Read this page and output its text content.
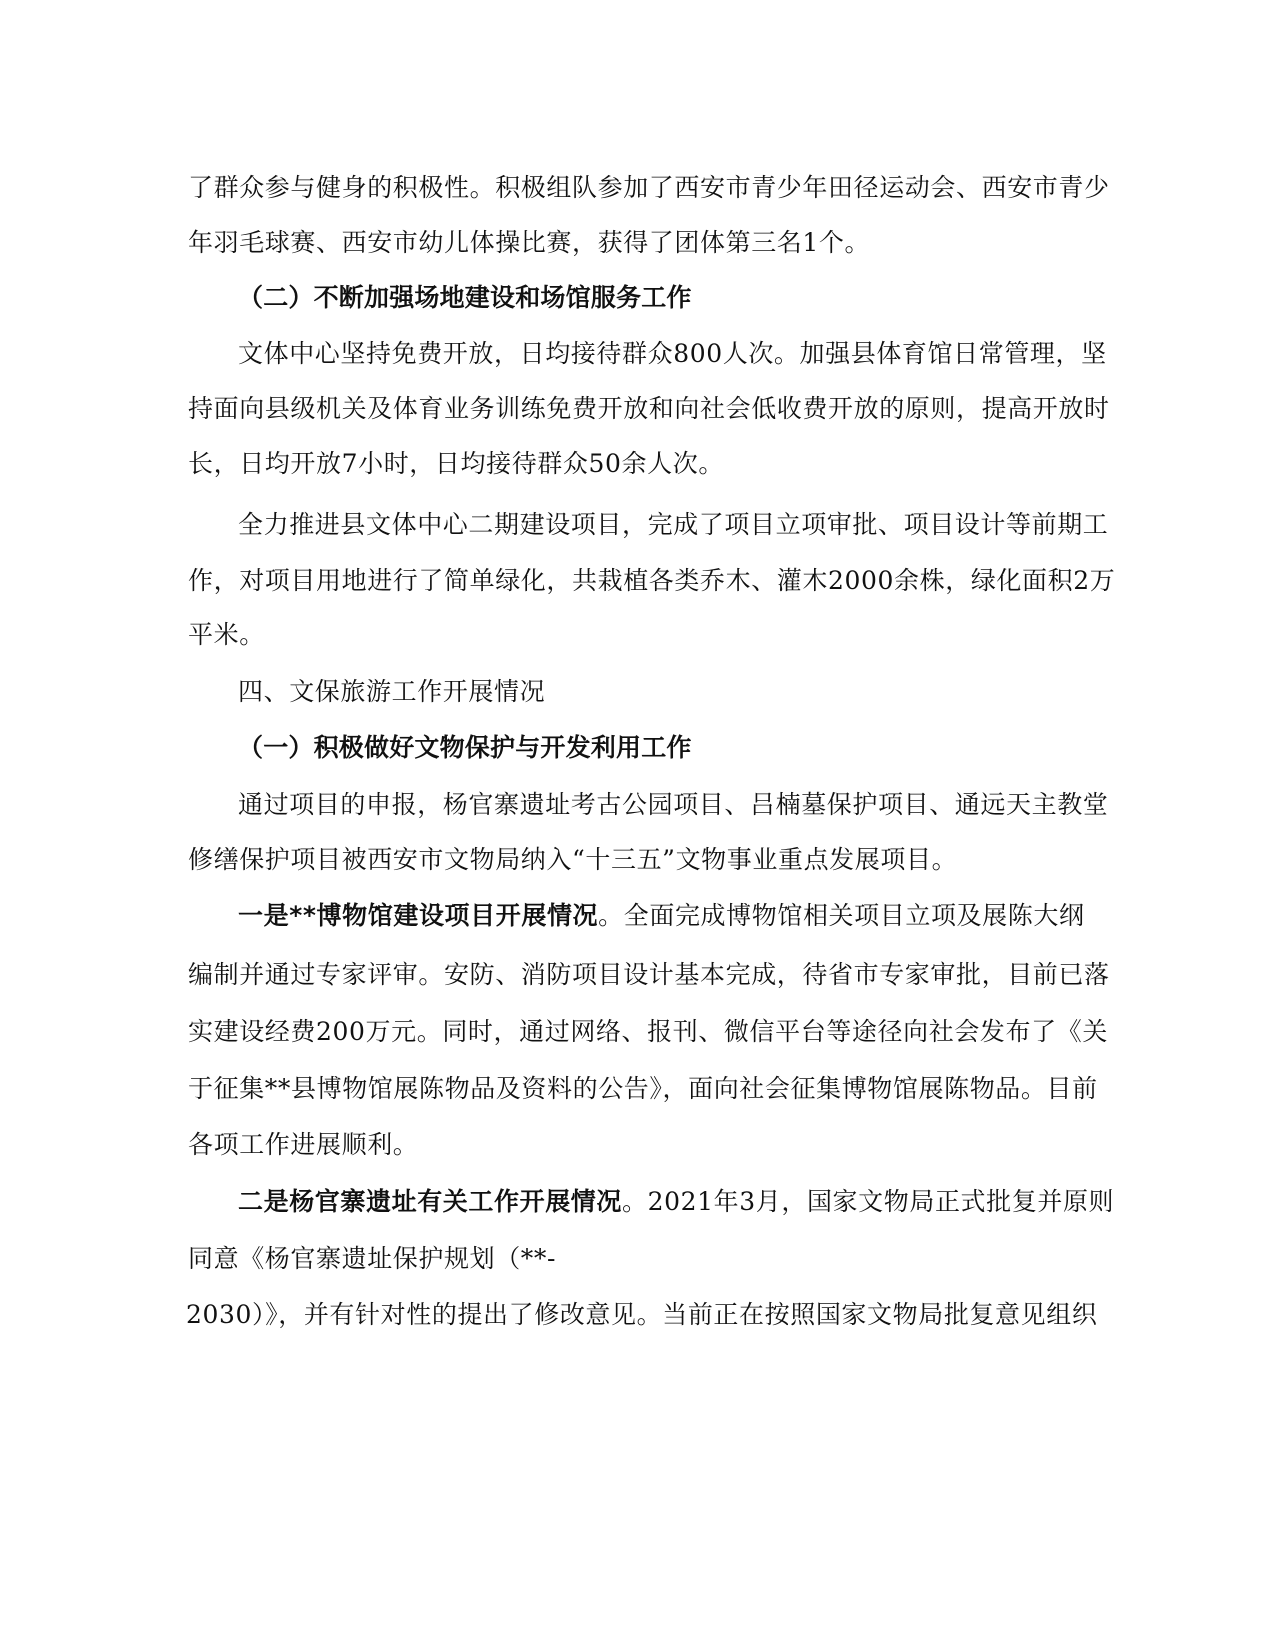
了群众参与健身的积极性。积极组队参加了西安市青少年田径运动会、西安市青少
年羽毛球赛、西安市幼儿体操比赛，获得了团体第三名1个。
（二）不断加强场地建设和场馆服务工作
文体中心坚持免费开放，日均接待群众800人次。加强县体育馆日常管理，坚
持面向县级机关及体育业务训练免费开放和向社会低收费开放的原则，提高开放时
长，日均开放7小时，日均接待群众50余人次。
全力推进县文体中心二期建设项目，完成了项目立项审批、项目设计等前期工
作，对项目用地进行了简单绿化，共栽植各类乔木、灌木2000余株，绿化面积2万
平米。
四、文保旅游工作开展情况
（一）积极做好文物保护与开发利用工作
通过项目的申报，杨官寨遗址考古公园项目、吕楠墓保护项目、通远天主教堂
修缮保护项目被西安市文物局纳入“十三五”文物事业重点发展项目。
一是**博物馆建设项目开展情况。全面完成博物馆相关项目立项及展陈大纲
编制并通过专家评审。安防、消防项目设计基本完成，待省市专家审批，目前已落
实建设经费200万元。同时，通过网络、报刊、微信平台等途径向社会发布了《关
于征集**县博物馆展陈物品及资料的公告》，面向社会征集博物馆展陈物品。目前
各项工作进展顺利。
二是杨官寨遗址有关工作开展情况。2021年3月，国家文物局正式批复并原则
同意《杨官寨遗址保护规划（**-
2030）》，并有针对性的提出了修改意见。当前正在按照国家文物局批复意见组织
